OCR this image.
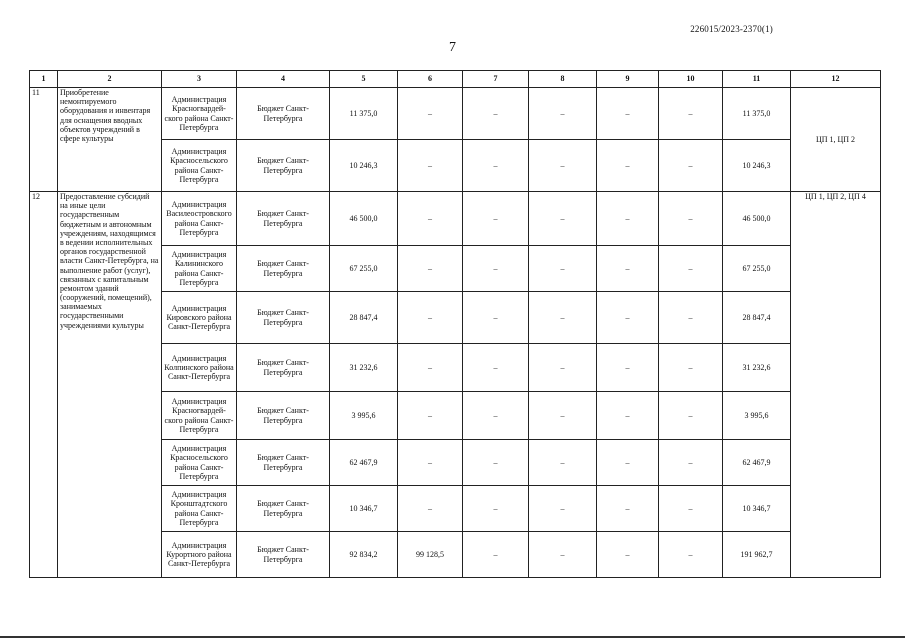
226015/2023-2370(1)
7
1	2	3	4	5	6	7	8	9	10	11	12
11	Приобретение немонтируемого оборудования и инвентаря для оснащения вводных объектов учреждений в сфере культуры	Администрация Красногвардей-ского района Санкт-Петербурга	Бюджет Санкт-Петербурга	11 375,0	–	–	–	–	–	11 375,0	ЦП 1, ЦП 2
		Администрация Красносельского района Санкт-Петербурга	Бюджет Санкт-Петербурга	10 246,3	–	–	–	–	–	10 246,3	
12	Предоставление субсидий на иные цели государственным бюджетным и автономным учреждениям, находящимся в ведении исполнительных органов государственной власти Санкт-Петербурга, на выполнение работ (услуг), связанных с капитальным ремонтом зданий (сооружений, помещений), занимаемых государственными учреждениями культуры	Администрация Василеостровского района Санкт-Петербурга	Бюджет Санкт-Петербурга	46 500,0	–	–	–	–	–	46 500,0	ЦП 1, ЦП 2, ЦП 4
		Администрация Калининского района Санкт-Петербурга	Бюджет Санкт-Петербурга	67 255,0	–	–	–	–	–	67 255,0	
		Администрация Кировского района Санкт-Петербурга	Бюджет Санкт-Петербурга	28 847,4	–	–	–	–	–	28 847,4	
		Администрация Колпинского района Санкт-Петербурга	Бюджет Санкт-Петербурга	31 232,6	–	–	–	–	–	31 232,6	
		Администрация Красногвардей-ского района Санкт-Петербурга	Бюджет Санкт-Петербурга	3 995,6	–	–	–	–	–	3 995,6	
		Администрация Красносельского района Санкт-Петербурга	Бюджет Санкт-Петербурга	62 467,9	–	–	–	–	–	62 467,9	
		Администрация Кронштадтского района Санкт-Петербурга	Бюджет Санкт-Петербурга	10 346,7	–	–	–	–	–	10 346,7	
		Администрация Курортного района Санкт-Петербурга	Бюджет Санкт-Петербурга	92 834,2	99 128,5	–	–	–	–	191 962,7	
